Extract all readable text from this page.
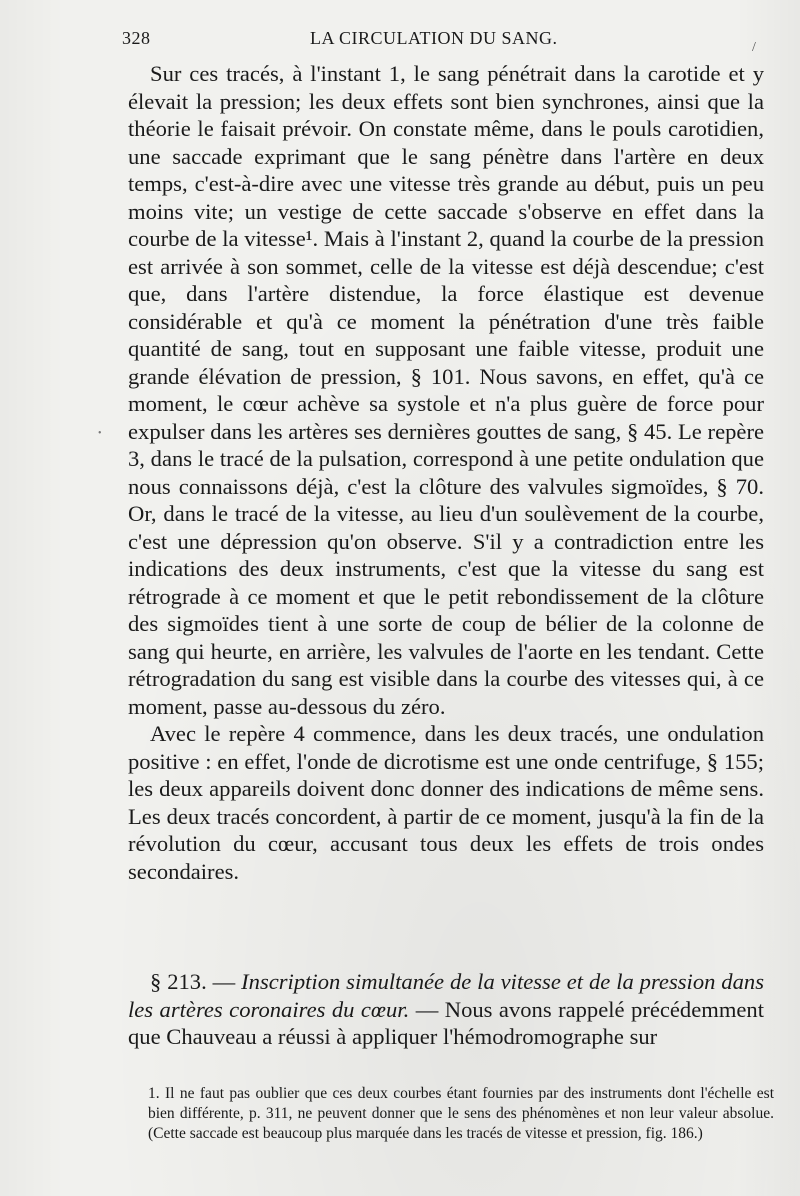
328	LA CIRCULATION DU SANG.	/
•

Sur ces tracés, à l'instant 1, le sang pénétrait dans la carotide et y élevait la pression; les deux effets sont bien synchrones, ainsi que la théorie le faisait prévoir. On constate même, dans le pouls carotidien, une saccade exprimant que le sang pénètre dans l'artère en deux temps, c'est-à-dire avec une vitesse très grande au début, puis un peu moins vite; un vestige de cette saccade s'observe en effet dans la courbe de la vitesse¹. Mais à l'instant 2, quand la courbe de la pression est arrivée à son sommet, celle de la vitesse est déjà descendue; c'est que, dans l'artère distendue, la force élastique est devenue considérable et qu'à ce moment la pénétration d'une très faible quantité de sang, tout en supposant une faible vitesse, produit une grande élévation de pression, § 101. Nous savons, en effet, qu'à ce moment, le cœur achève sa systole et n'a plus guère de force pour expulser dans les artères ses dernières gouttes de sang, § 45. Le repère 3, dans le tracé de la pulsation, correspond à une petite ondulation que nous connaissons déjà, c'est la clôture des valvules sigmoïdes, § 70. Or, dans le tracé de la vitesse, au lieu d'un soulèvement de la courbe, c'est une dépression qu'on observe. S'il y a contradiction entre les indications des deux instruments, c'est que la vitesse du sang est rétrograde à ce moment et que le petit rebondissement de la clôture des sigmoïdes tient à une sorte de coup de bélier de la colonne de sang qui heurte, en arrière, les valvules de l'aorte en les tendant. Cette rétrogradation du sang est visible dans la courbe des vitesses qui, à ce moment, passe au-dessous du zéro.

Avec le repère 4 commence, dans les deux tracés, une ondulation positive : en effet, l'onde de dicrotisme est une onde centrifuge, § 155; les deux appareils doivent donc donner des indications de même sens. Les deux tracés concordent, à partir de ce moment, jusqu'à la fin de la révolution du cœur, accusant tous deux les effets de trois ondes secondaires.

§ 213. — Inscription simultanée de la vitesse et de la pression dans les artères coronaires du cœur. — Nous avons rappelé précédemment que Chauveau a réussi à appliquer l'hémodromographe sur
1. Il ne faut pas oublier que ces deux courbes étant fournies par des instruments dont l'échelle est bien différente, p. 311, ne peuvent donner que le sens des phénomènes et non leur valeur absolue. (Cette saccade est beaucoup plus marquée dans les tracés de vitesse et pression, fig. 186.)
